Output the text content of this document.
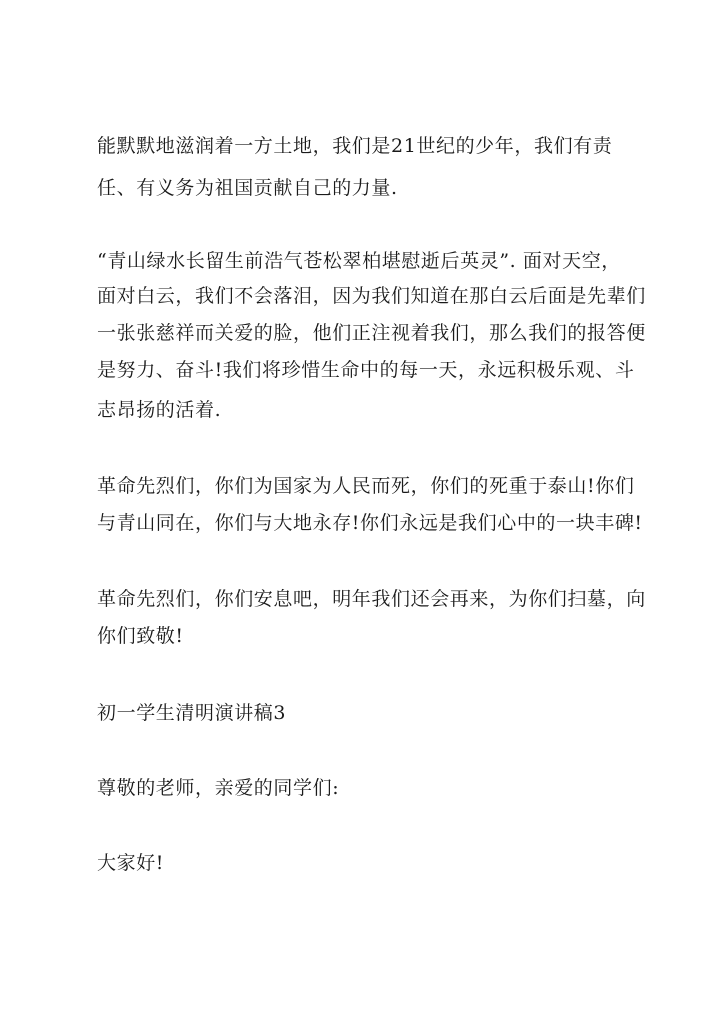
能默默地滋润着一方土地，我们是21世纪的少年，我们有责

任、有义务为祖国贡献自己的力量.

“青山绿水长留生前浩气苍松翠柏堪慰逝后英灵”. 面对天空，

面对白云，我们不会落泪，因为我们知道在那白云后面是先辈们

一张张慈祥而关爱的脸，他们正注视着我们，那么我们的报答便

是努力、奋斗!我们将珍惜生命中的每一天，永远积极乐观、斗

志昂扬的活着.

革命先烈们，你们为国家为人民而死，你们的死重于泰山!你们

与青山同在，你们与大地永存!你们永远是我们心中的一块丰碑!

革命先烈们，你们安息吧，明年我们还会再来，为你们扫墓，向

你们致敬!

初一学生清明演讲稿3

尊敬的老师，亲爱的同学们:

大家好!
